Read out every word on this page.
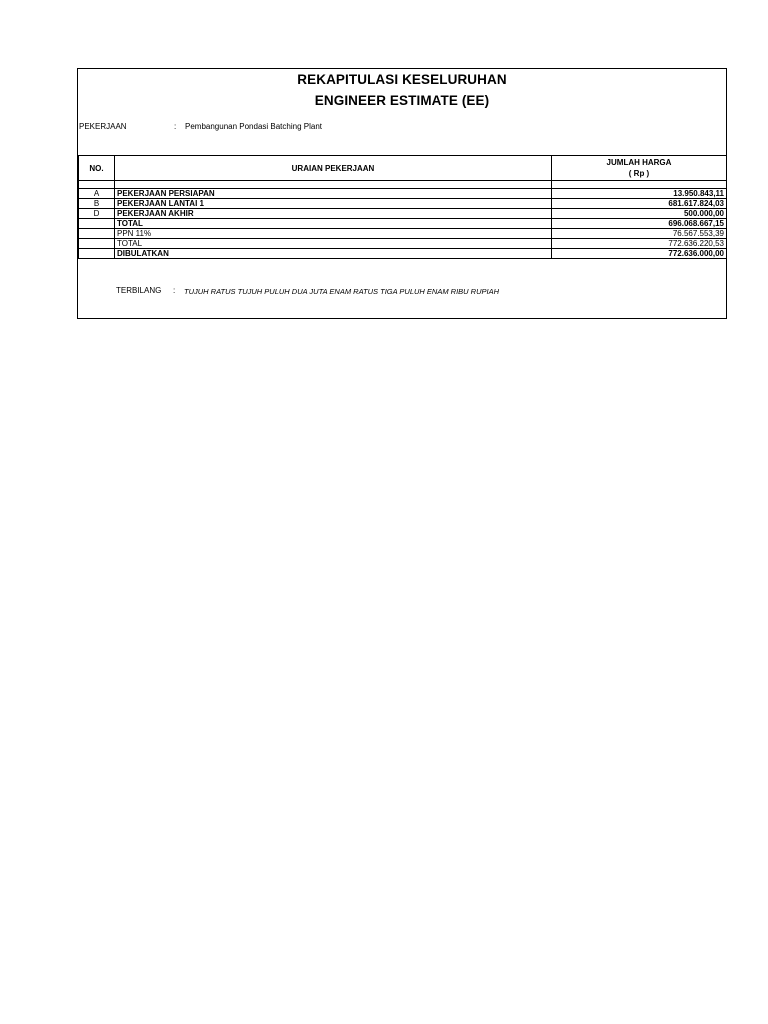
REKAPITULASI KESELURUHAN
ENGINEER ESTIMATE (EE)
PEKERJAAN	: Pembangunan Pondasi Batching Plant
NO.	URAIAN PEKERJAAN	JUMLAH HARGA
( Rp )

A	PEKERJAAN PERSIAPAN	13.950.843,11
B	PEKERJAAN LANTAI 1	681.617.824,03
D	PEKERJAAN AKHIR	500.000,00
	TOTAL	696.068.667,15
	PPN 11%	76.567.553,39
	TOTAL	772.636.220,53
	DIBULATKAN	772.636.000,00
TERBILANG : TUJUH RATUS TUJUH PULUH DUA JUTA ENAM RATUS TIGA PULUH ENAM RIBU RUPIAH
